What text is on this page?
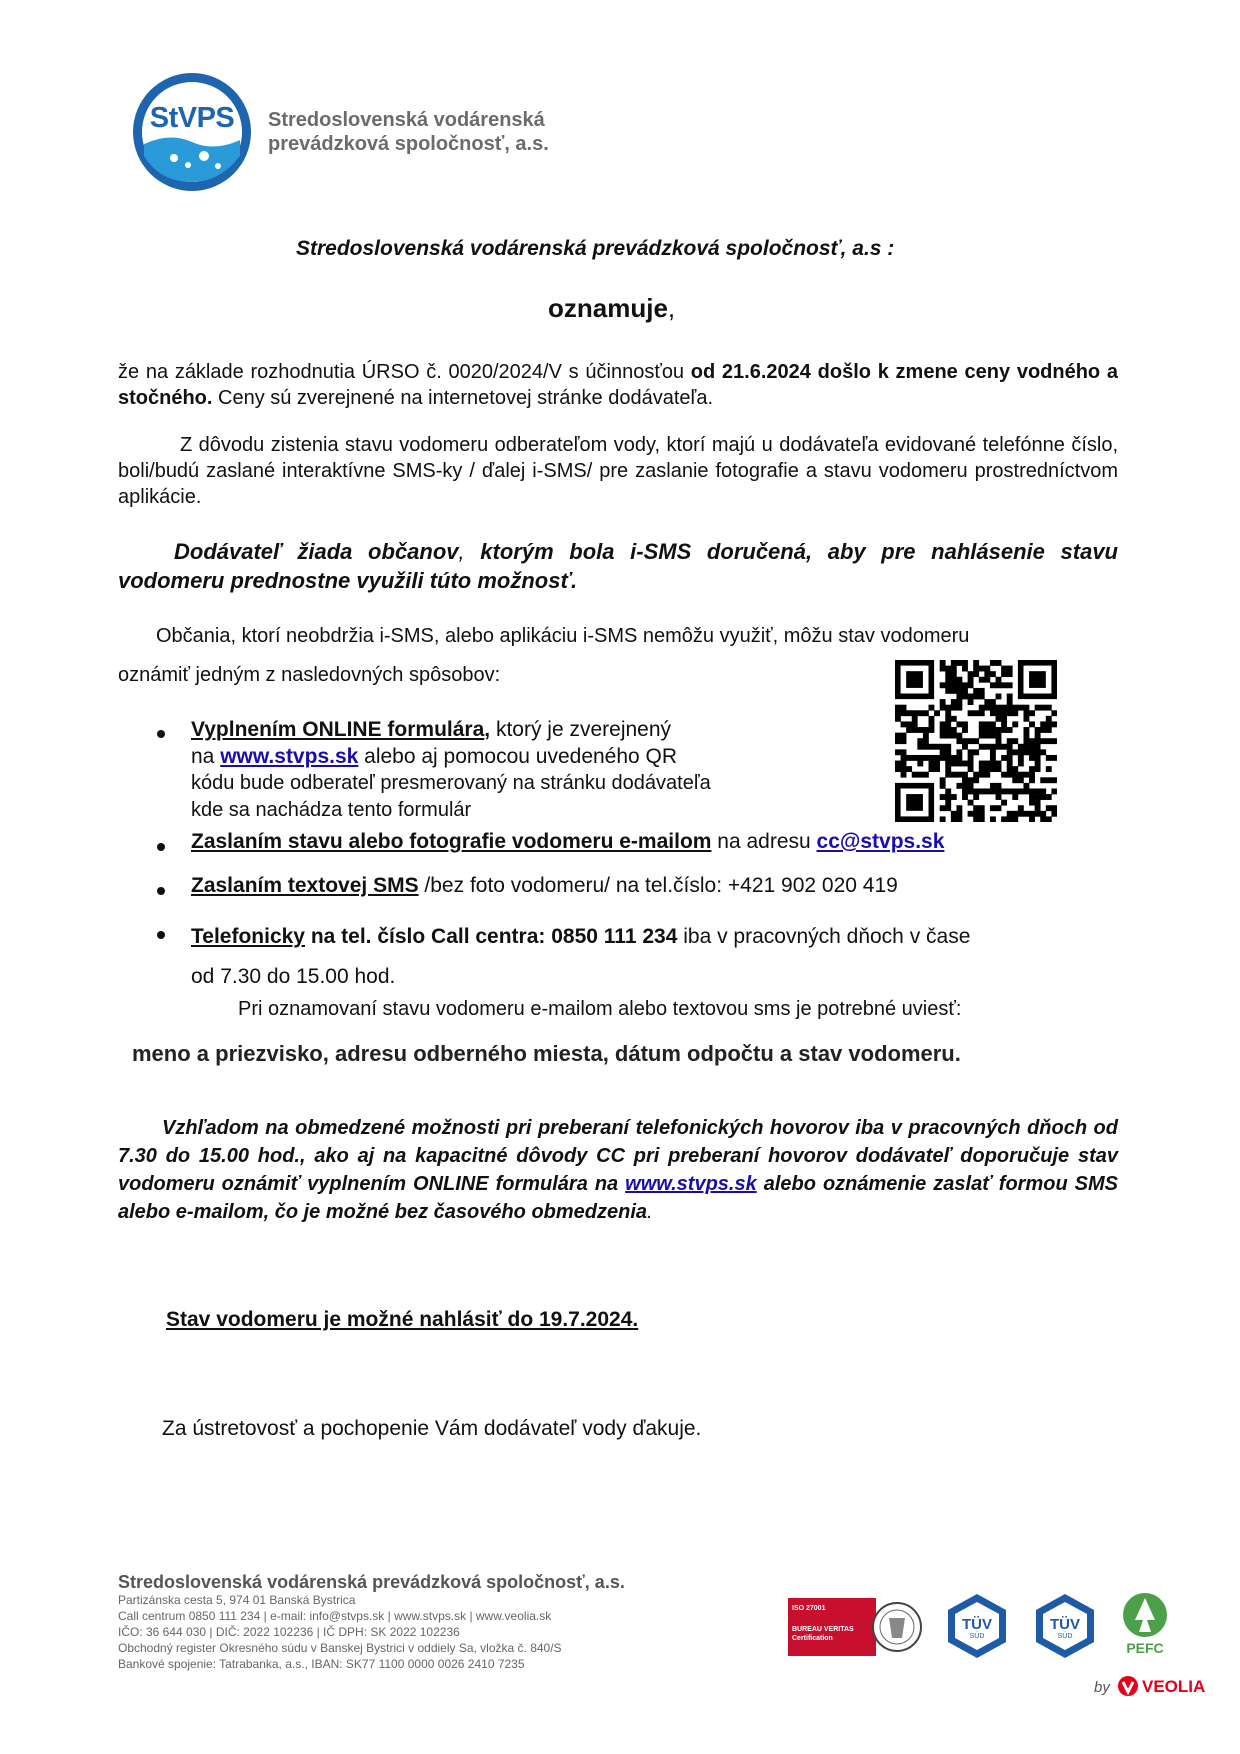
StVPS	Stredoslovenská vodárenská
prevádzková spoločnosť, a.s.
Stredoslovenská vodárenská prevádzková spoločnosť, a.s :
oznamuje,

že na základe rozhodnutia ÚRSO č. 0020/2024/V s účinnosťou od 21.6.2024 došlo k zmene ceny vodného a stočného. Ceny sú zverejnené na internetovej stránke dodávateľa.

Z dôvodu zistenia stavu vodomeru odberateľom vody, ktorí majú u dodávateľa evidované telefónne číslo, boli/budú zaslané interaktívne SMS-ky / ďalej i-SMS/ pre zaslanie fotografie a stavu vodomeru prostredníctvom aplikácie.

Dodávateľ žiada občanov, ktorým bola i-SMS doručená, aby pre nahlásenie stavu vodomeru prednostne využili túto možnosť.

Občania, ktorí neobdržia i-SMS, alebo aplikáciu i-SMS nemôžu využiť, môžu stav vodomeru

oznámiť jedným z nasledovných spôsobov:

Vyplnením ONLINE formulára, ktorý je zverejnený
na www.stvps.sk alebo aj pomocou uvedeného QR
kódu bude odberateľ presmerovaný na stránku dodávateľa
kde sa nachádza tento formulár
Zaslaním stavu alebo fotografie vodomeru e-mailom na adresu cc@stvps.sk
Zaslaním textovej SMS /bez foto vodomeru/ na tel.číslo: +421 902 020 419
Telefonicky na tel. číslo Call centra: 0850 111 234 iba v pracovných dňoch v čase
od 7.30 do 15.00 hod.

Pri oznamovaní stavu vodomeru e-mailom alebo textovou sms je potrebné uviesť:

meno a priezvisko, adresu odberného miesta, dátum odpočtu a stav vodomeru.

Vzhľadom na obmedzené možnosti pri preberaní telefonických hovorov iba v pracovných dňoch od 7.30 do 15.00 hod., ako aj na kapacitné dôvody CC pri preberaní hovorov dodávateľ doporučuje stav vodomeru oznámiť vyplnením ONLINE formulára na www.stvps.sk alebo oznámenie zaslať formou SMS alebo e-mailom, čo je možné bez časového obmedzenia.

Stav vodomeru je možné nahlásiť do 19.7.2024.

Za ústretovosť a pochopenie Vám dodávateľ vody ďakuje.

Stredoslovenská vodárenská prevádzková spoločnosť, a.s.
Partizánska cesta 5, 974 01 Banská Bystrica
Call centrum 0850 111 234 | e-mail: info@stvps.sk | www.stvps.sk | www.veolia.sk
IČO: 36 644 030 | DIČ: 2022 102236 | IČ DPH: SK 2022 102236
Obchodný register Okresného súdu v Banskej Bystrici v oddiely Sa, vložka č. 840/S
Bankové spojenie: Tatrabanka, a.s., IBAN: SK77 1100 0000 0026 2410 7235
ISO 27001
BUREAU VERITAS
Certification
TÜV
SÜD
TÜV
SÜD
PEFC
by VEOLIA
